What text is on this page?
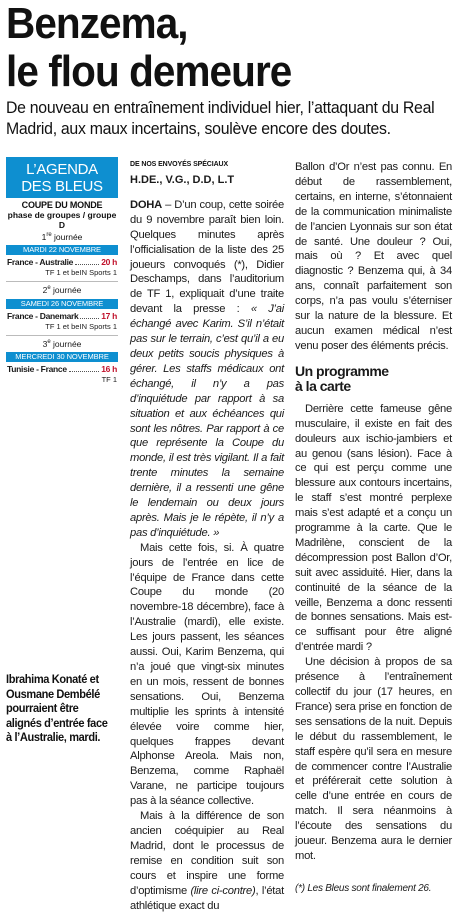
Benzema,
le flou demeure
De nouveau en entraînement individuel hier, l’attaquant du Real Madrid, aux maux incertains, soulève encore des doutes.
L’AGENDA
DES BLEUS
COUPE DU MONDE
phase de groupes / groupe D
1re journée
MARDI 22 NOVEMBRE
France - Australie	20 h
TF 1 et beIN Sports 1
2e journée
SAMEDI 26 NOVEMBRE
France - Danemark	17 h
TF 1 et beIN Sports 1
3e journée
MERCREDI 30 NOVEMBRE
Tunisie - France	16 h
TF 1
Ibrahima Konaté et Ousmane Dembélé pourraient être alignés d’entrée face à l’Australie, mardi.
DE NOS ENVOYÉS SPÉCIAUX
H.DE., V.G., D.D, L.T

DOHA – D’un coup, cette soirée du 9 novembre paraît bien loin. Quelques minutes après l’officialisation de la liste des 25 joueurs convoqués (*), Didier Deschamps, dans l’auditorium de TF 1, expliquait d’une traite devant la presse : « J’ai échangé avec Karim. S’il n’était pas sur le terrain, c’est qu’il a eu deux petits soucis physiques à gérer. Les staffs médicaux ont échangé, il n’y a pas d’inquiétude par rapport à sa situation et aux échéances qui sont les nôtres. Par rapport à ce que représente la Coupe du monde, il est très vigilant. Il a fait trente minutes la semaine dernière, il a ressenti une gêne le lendemain ou deux jours après. Mais je le répète, il n’y a pas d’inquiétude. »

Mais cette fois, si. À quatre jours de l’entrée en lice de l’équipe de France dans cette Coupe du monde (20 novembre-18 décembre), face à l’Australie (mardi), elle existe. Les jours passent, les séances aussi. Oui, Karim Benzema, qui n’a joué que vingt-six minutes en un mois, ressent de bonnes sensations. Oui, Benzema multiplie les sprints à intensité élevée voire comme hier, quelques frappes devant Alphonse Areola. Mais non, Benzema, comme Raphaël Varane, ne participe toujours pas à la séance collective.

Mais à la différence de son ancien coéquipier au Real Madrid, dont le processus de remise en condition suit son cours et inspire une forme d’optimisme (lire ci-contre), l’état athlétique exact du

Ballon d’Or n’est pas connu. En début de rassemblement, certains, en interne, s’étonnaient de la communication minimaliste de l’ancien Lyonnais sur son état de santé. Une douleur ? Oui, mais où ? Et avec quel diagnostic ? Benzema qui, à 34 ans, connaît parfaitement son corps, n’a pas voulu s’éterniser sur la nature de la blessure. Et aucun examen médical n’est venu poser des éléments précis.

Un programme
à la carte

Derrière cette fameuse gêne musculaire, il existe en fait des douleurs aux ischio-jambiers et au genou (sans lésion). Face à ce qui est perçu comme une blessure aux contours incertains, le staff s’est montré perplexe mais s’est adapté et a conçu un programme à la carte. Que le Madrilène, conscient de la décompression post Ballon d’Or, suit avec assiduité. Hier, dans la continuité de la séance de la veille, Benzema a donc ressenti de bonnes sensations. Mais est-ce suffisant pour être aligné d’entrée mardi ?

Une décision à propos de sa présence à l’entraînement collectif du jour (17 heures, en France) sera prise en fonction de ses sensations de la nuit. Depuis le début du rassemblement, le staff espère qu’il sera en mesure de commencer contre l’Australie et préférerait cette solution à celle d’une entrée en cours de match. Il sera néanmoins à l’écoute des sensations du joueur. Benzema aura le dernier mot.

(*) Les Bleus sont finalement 26.
